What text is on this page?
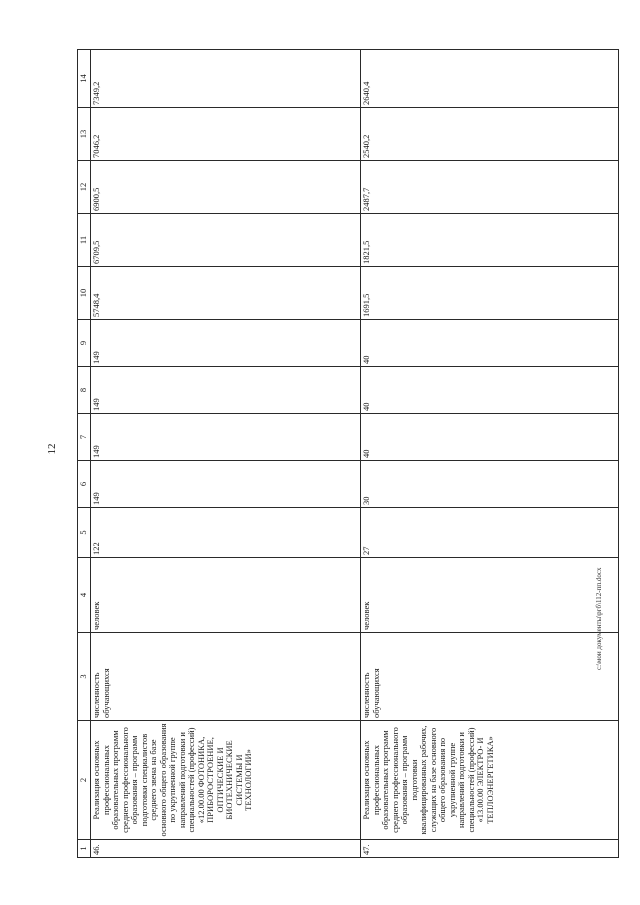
12
1	2	3	4	5	6	7	8	9	10	11	12	13	14
46.	Реализация основных профессиональных образовательных программ среднего профессионального образования – программ подготовки специалистов среднего звена на базе основного общего образования по укрупненной группе направлений подготовки и специальностей (профессий) «12.00.00 ФОТОНИКА, ПРИБОРОСТРОЕНИЕ, ОПТИЧЕСКИЕ И БИОТЕХНИЧЕСКИЕ СИСТЕМЫ И ТЕХНОЛОГИИ»	численность обучающихся	человек	122	149	149	149	149	5748,4	6709,5	6900,5	7046,2	7349,2
47.	Реализация основных профессиональных образовательных программ среднего профессионального образования – программ подготовки квалифицированных рабочих, служащих на базе основного общего образования по укрупненной группе направлений подготовки и специальностей (профессий) «13.00.00 ЭЛЕКТРО- И ТЕПЛОЭНЕРГЕТИКА»	численность обучающихся	человек	27	30	40	40	40	1691,5	1821,5	2487,7	2540,2	2640,4
c:\мои документы\ргб\112-пп.docx
